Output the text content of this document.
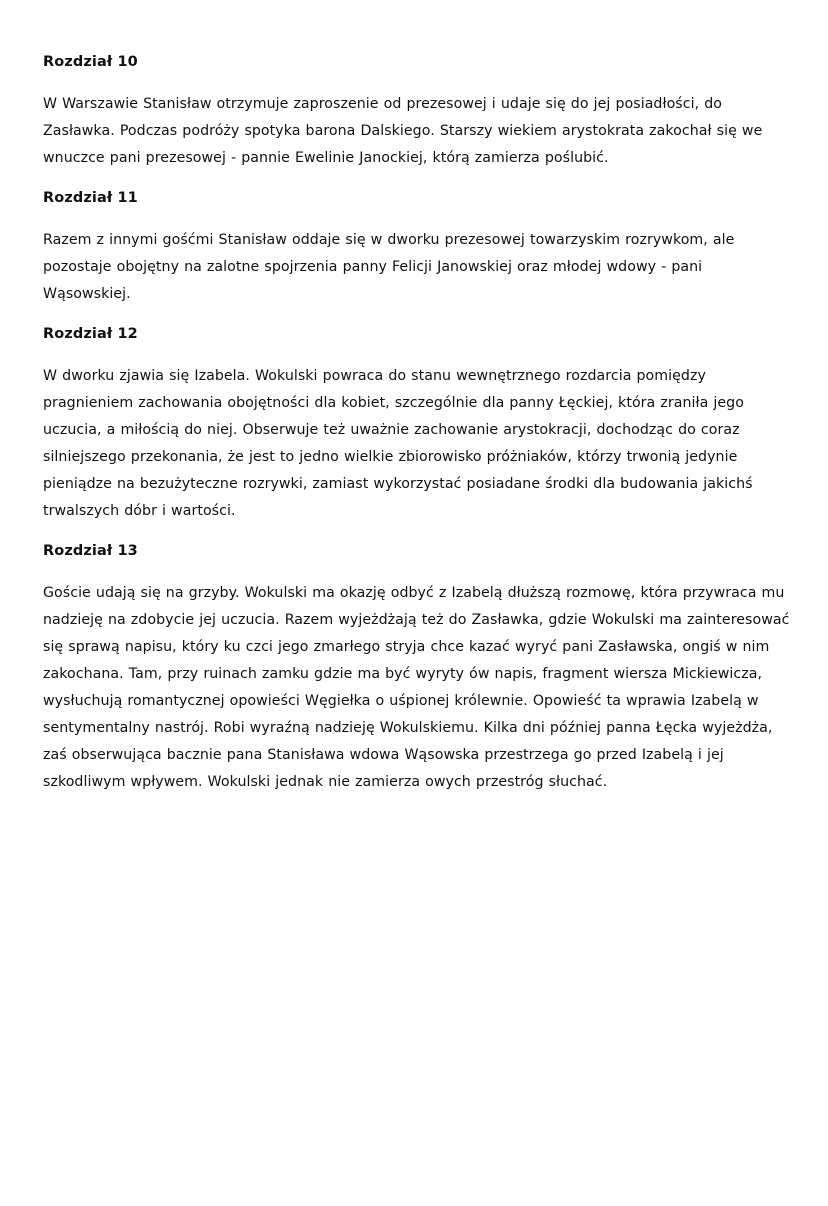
Rozdział 10

W Warszawie Stanisław otrzymuje zaproszenie od prezesowej i udaje się do jej posiadłości, do Zasławka. Podczas podróży spotyka barona Dalskiego. Starszy wiekiem arystokrata zakochał się we wnuczce pani prezesowej - pannie Ewelinie Janockiej, którą zamierza poślubić.

Rozdział 11

Razem z innymi gośćmi Stanisław oddaje się w dworku prezesowej towarzyskim rozrywkom, ale pozostaje obojętny na zalotne spojrzenia panny Felicji Janowskiej oraz młodej wdowy - pani Wąsowskiej.

Rozdział 12

W dworku zjawia się Izabela. Wokulski powraca do stanu wewnętrznego rozdarcia pomiędzy pragnieniem zachowania obojętności dla kobiet, szczególnie dla panny Łęckiej, która zraniła jego uczucia, a miłością do niej. Obserwuje też uważnie zachowanie arystokracji, dochodząc do coraz silniejszego przekonania, że jest to jedno wielkie zbiorowisko próżniaków, którzy trwonią jedynie pieniądze na bezużyteczne rozrywki, zamiast wykorzystać posiadane środki dla budowania jakichś trwalszych dóbr i wartości.

Rozdział 13

Goście udają się na grzyby. Wokulski ma okazję odbyć z Izabelą dłuższą rozmowę, która przywraca mu nadzieję na zdobycie jej uczucia. Razem wyjeżdżają też do Zasławka, gdzie Wokulski ma zainteresować się sprawą napisu, który ku czci jego zmarłego stryja chce kazać wyryć pani Zasławska, ongiś w nim zakochana. Tam, przy ruinach zamku gdzie ma być wyryty ów napis, fragment wiersza Mickiewicza, wysłuchują romantycznej opowieści Węgiełka o uśpionej królewnie. Opowieść ta wprawia Izabelą w sentymentalny nastrój. Robi wyraźną nadzieję Wokulskiemu. Kilka dni później panna Łęcka wyjeżdża, zaś obserwująca bacznie pana Stanisława wdowa Wąsowska przestrzega go przed Izabelą i jej szkodliwym wpływem. Wokulski jednak nie zamierza owych przestróg słuchać.
